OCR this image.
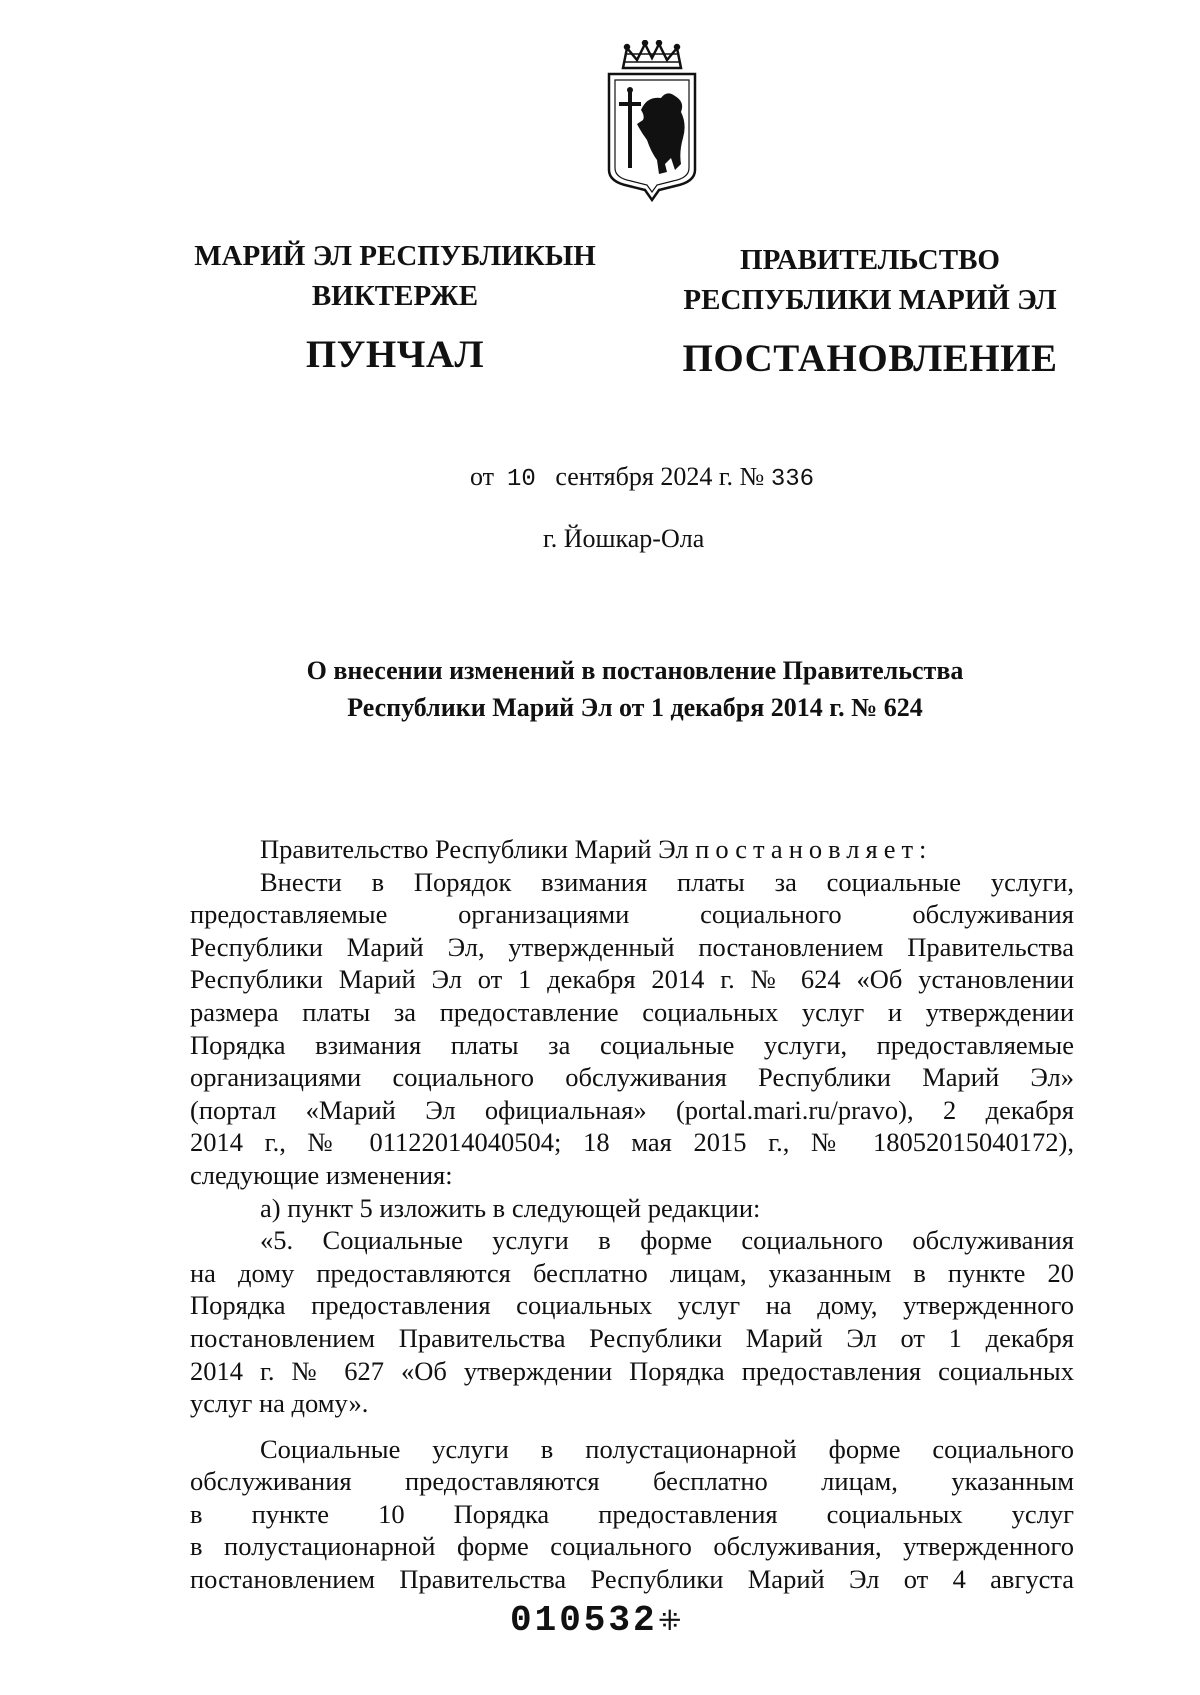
МАРИЙ ЭЛ РЕСПУБЛИКЫН
ВИКТЕРЖЕ
ПУНЧАЛ
ПРАВИТЕЛЬСТВО
РЕСПУБЛИКИ МАРИЙ ЭЛ
ПОСТАНОВЛЕНИЕ
от 10 сентября 2024 г. № 336
г. Йошкар-Ола
О внесении изменений в постановление Правительства
Республики Марий Эл от 1 декабря 2014 г. № 624
Правительство Республики Марий Эл постановляет:
Внести в Порядок взимания платы за социальные услуги,
предоставляемые организациями социального обслуживания
Республики Марий Эл, утвержденный постановлением Правительства
Республики Марий Эл от 1 декабря 2014 г. № 624 «Об установлении
размера платы за предоставление социальных услуг и утверждении
Порядка взимания платы за социальные услуги, предоставляемые
организациями социального обслуживания Республики Марий Эл»
(портал «Марий Эл официальная» (portal.mari.ru/pravo), 2 декабря
2014 г., № 01122014040504; 18 мая 2015 г., № 18052015040172),
следующие изменения:
а) пункт 5 изложить в следующей редакции:
«5. Социальные услуги в форме социального обслуживания
на дому предоставляются бесплатно лицам, указанным в пункте 20
Порядка предоставления социальных услуг на дому, утвержденного
постановлением Правительства Республики Марий Эл от 1 декабря
2014 г. № 627 «Об утверждении Порядка предоставления социальных
услуг на дому».
Социальные услуги в полустационарной форме социального
обслуживания предоставляются бесплатно лицам, указанным
в пункте 10 Порядка предоставления социальных услуг
в полустационарной форме социального обслуживания, утвержденного
постановлением Правительства Республики Марий Эл от 4 августа
010532 ⁜
